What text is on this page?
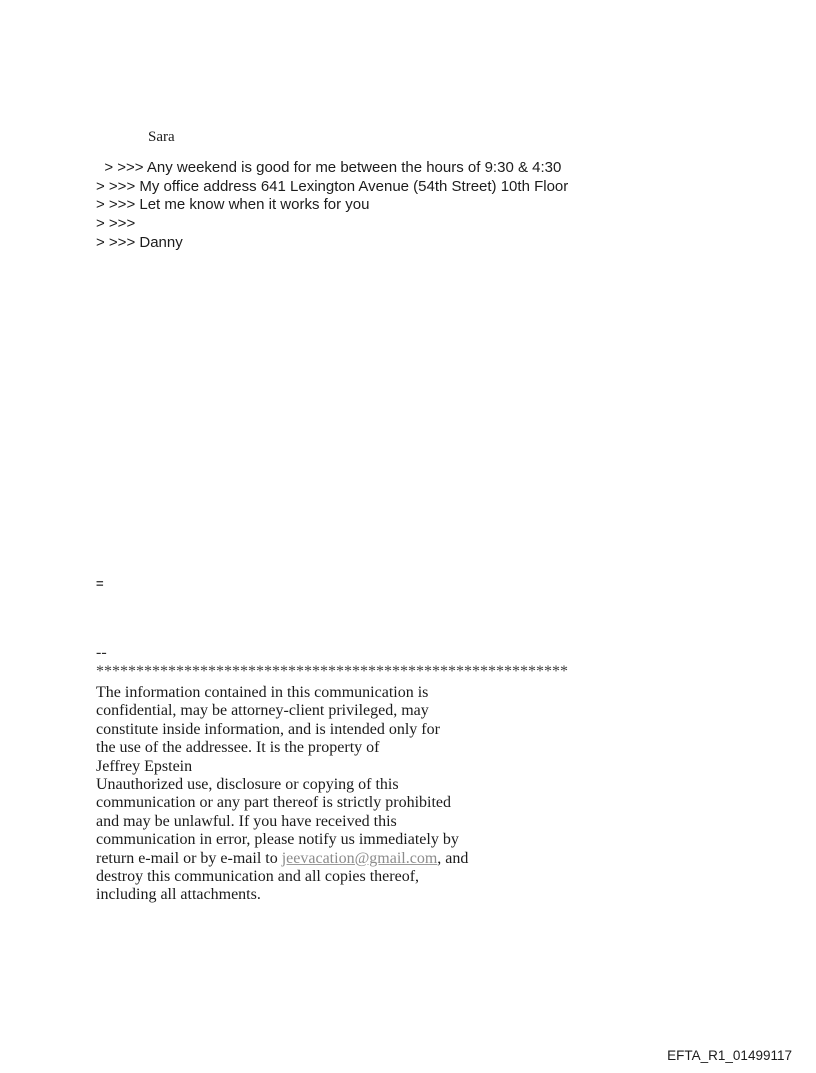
Sara
> >>> Any weekend is good for me between the hours of 9:30 & 4:30
> >>> My office address 641 Lexington Avenue (54th Street) 10th Floor
> >>> Let me know when it works for you
> >>>
> >>> Danny
=
--
***********************************************************
The information contained in this communication is
confidential, may be attorney-client privileged, may
constitute inside information, and is intended only for
the use of the addressee. It is the property of
Jeffrey Epstein
Unauthorized use, disclosure or copying of this
communication or any part thereof is strictly prohibited
and may be unlawful. If you have received this
communication in error, please notify us immediately by
return e-mail or by e-mail to jeevacation@gmail.com, and
destroy this communication and all copies thereof,
including all attachments.
EFTA_R1_01499117
